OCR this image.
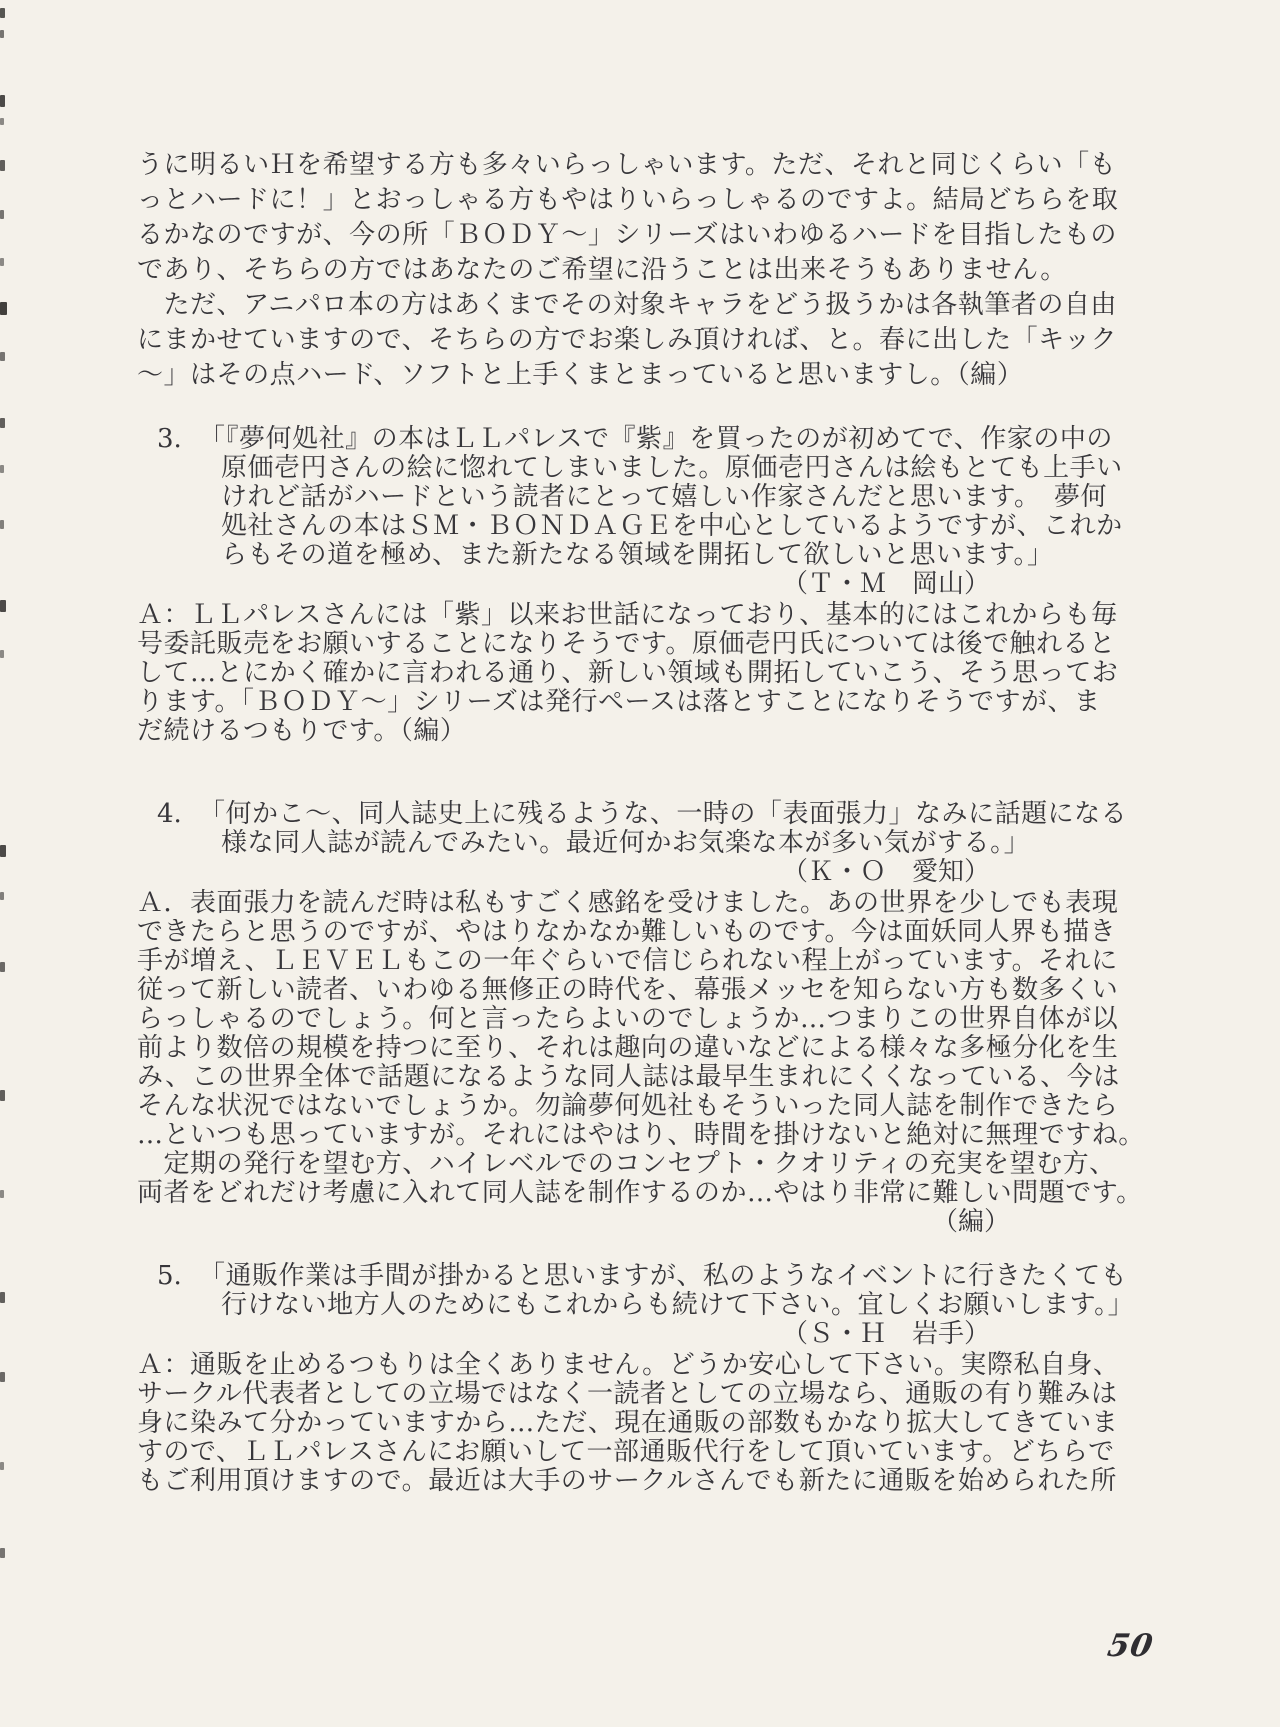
うに明るいＨを希望する方も多々いらっしゃいます。ただ、それと同じくらい「も
っとハードに！」とおっしゃる方もやはりいらっしゃるのですよ。結局どちらを取
るかなのですが、今の所「ＢＯＤＹ〜」シリーズはいわゆるハードを目指したもの
であり、そちらの方ではあなたのご希望に沿うことは出来そうもありません。
　ただ、アニパロ本の方はあくまでその対象キャラをどう扱うかは各執筆者の自由
にまかせていますので、そちらの方でお楽しみ頂ければ、と。春に出した「キック
〜」はその点ハード、ソフトと上手くまとまっていると思いますし。（編）
3. 「『夢何処社』の本はＬＬパレスで『紫』を買ったのが初めてで、作家の中の
原価壱円さんの絵に惚れてしまいました。原価壱円さんは絵もとても上手い
けれど話がハードという読者にとって嬉しい作家さんだと思います。　夢何
処社さんの本はＳＭ・ＢＯＮＤＡＧＥを中心としているようですが、これか
らもその道を極め、また新たなる領域を開拓して欲しいと思います。」
（Ｔ・Ｍ　岡山）
Ａ：ＬＬパレスさんには「紫」以来お世話になっており、基本的にはこれからも毎
号委託販売をお願いすることになりそうです。原価壱円氏については後で触れると
して…とにかく確かに言われる通り、新しい領域も開拓していこう、そう思ってお
ります。「ＢＯＤＹ〜」シリーズは発行ペースは落とすことになりそうですが、ま
だ続けるつもりです。（編）
4. 「何かこ〜、同人誌史上に残るような、一時の「表面張力」なみに話題になる
様な同人誌が読んでみたい。最近何かお気楽な本が多い気がする。」
（Ｋ・Ｏ　愛知）
Ａ．表面張力を読んだ時は私もすごく感銘を受けました。あの世界を少しでも表現
できたらと思うのですが、やはりなかなか難しいものです。今は面妖同人界も描き
手が増え、ＬＥＶＥＬもこの一年ぐらいで信じられない程上がっています。それに
従って新しい読者、いわゆる無修正の時代を、幕張メッセを知らない方も数多くい
らっしゃるのでしょう。何と言ったらよいのでしょうか…つまりこの世界自体が以
前より数倍の規模を持つに至り、それは趣向の違いなどによる様々な多極分化を生
み、この世界全体で話題になるような同人誌は最早生まれにくくなっている、今は
そんな状況ではないでしょうか。勿論夢何処社もそういった同人誌を制作できたら
…といつも思っていますが。それにはやはり、時間を掛けないと絶対に無理ですね。
　定期の発行を望む方、ハイレベルでのコンセプト・クオリティの充実を望む方、
両者をどれだけ考慮に入れて同人誌を制作するのか…やはり非常に難しい問題です。
（編）
5. 「通販作業は手間が掛かると思いますが、私のようなイベントに行きたくても
行けない地方人のためにもこれからも続けて下さい。宜しくお願いします。」
（Ｓ・Ｈ　岩手）
Ａ：通販を止めるつもりは全くありません。どうか安心して下さい。実際私自身、
サークル代表者としての立場ではなく一読者としての立場なら、通販の有り難みは
身に染みて分かっていますから…ただ、現在通販の部数もかなり拡大してきていま
すので、ＬＬパレスさんにお願いして一部通販代行をして頂いています。どちらで
もご利用頂けますので。最近は大手のサークルさんでも新たに通販を始められた所
50
